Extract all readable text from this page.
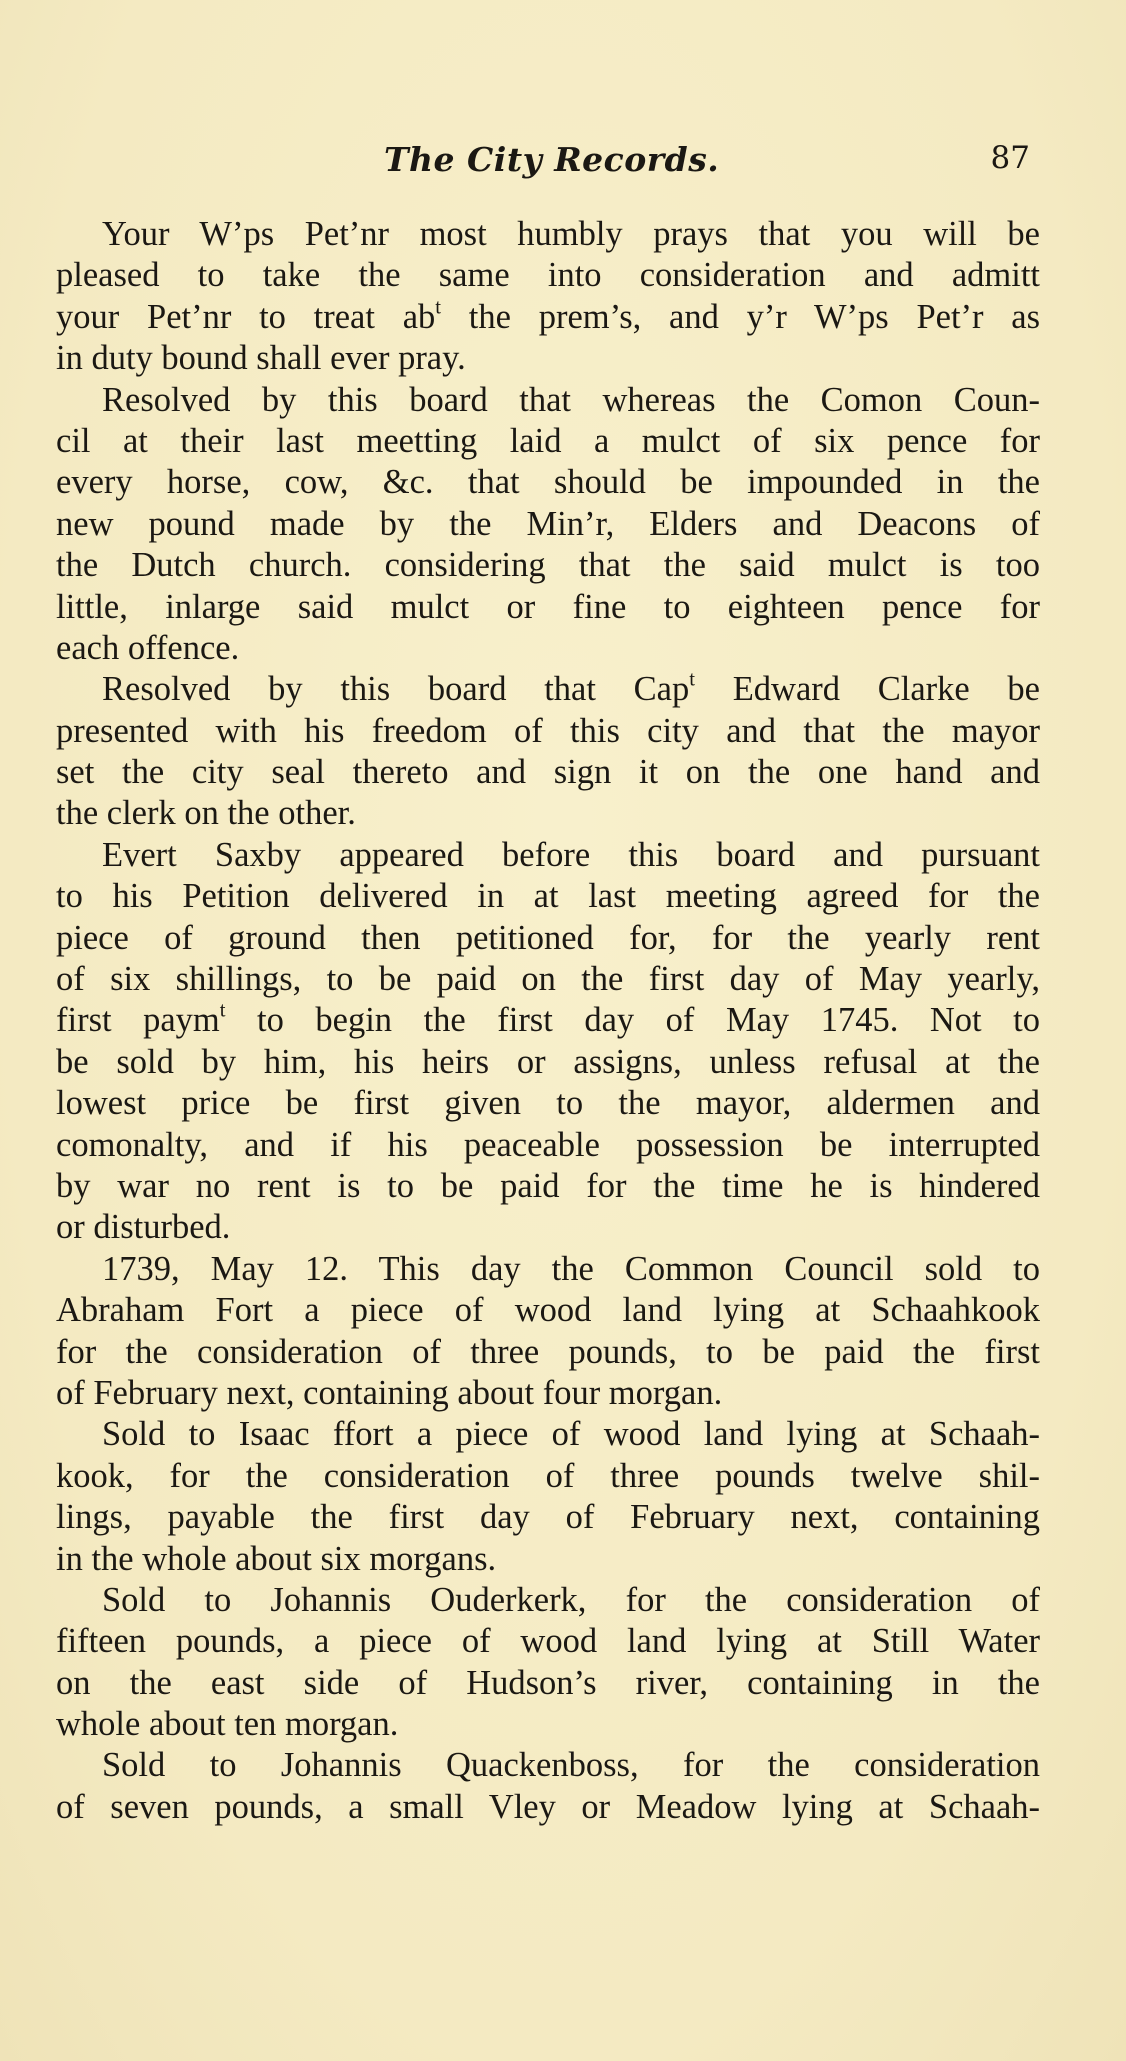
The City Records.	87
Your W’ps Pet’nr most humbly prays that you will be
pleased to take the same into consideration and admitt
your Pet’nr to treat $ab^t$ the prem’s, and y’r W’ps Pet’r as
in duty bound shall ever pray.
Resolved by this board that whereas the Comon Coun-
cil at their last meetting laid a mulct of six pence for
every horse, cow, &c. that should be impounded in the
new pound made by the Min’r, Elders and Deacons of
the Dutch church. considering that the said mulct is too
little, inlarge said mulct or fine to eighteen pence for
each offence.
Resolved by this board that Cap$^t$ Edward Clarke be
presented with his freedom of this city and that the mayor
set the city seal thereto and sign it on the one hand and
the clerk on the other.
Evert Saxby appeared before this board and pursuant
to his Petition delivered in at last meeting agreed for the
piece of ground then petitioned for, for the yearly rent
of six shillings, to be paid on the first day of May yearly,
first paym$^t$ to begin the first day of May 1745. Not to
be sold by him, his heirs or assigns, unless refusal at the
lowest price be first given to the mayor, aldermen and
comonalty, and if his peaceable possession be interrupted
by war no rent is to be paid for the time he is hindered
or disturbed.
1739, May 12. This day the Common Council sold to
Abraham Fort a piece of wood land lying at Schaahkook
for the consideration of three pounds, to be paid the first
of February next, containing about four morgan.
Sold to Isaac ffort a piece of wood land lying at Schaah-
kook, for the consideration of three pounds twelve shil-
lings, payable the first day of February next, containing
in the whole about six morgans.
Sold to Johannis Ouderkerk, for the consideration of
fifteen pounds, a piece of wood land lying at Still Water
on the east side of Hudson’s river, containing in the
whole about ten morgan.
Sold to Johannis Quackenboss, for the consideration
of seven pounds, a small Vley or Meadow lying at Schaah-
